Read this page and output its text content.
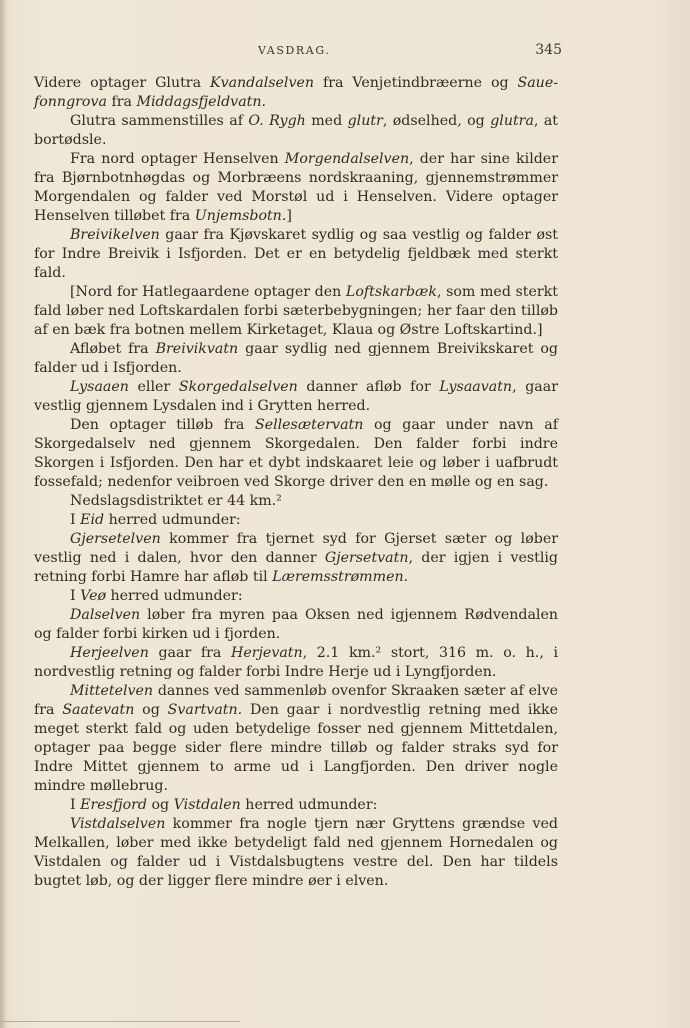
VASDRAG.	345

Videre optager Glutra Kvandalselven fra Venjetindbræerne og Saue-fonngrova fra Middagsfjeldvatn.

Glutra sammenstilles af O. Rygh med glutr, ødselhed, og glutra, at bortødsle.

Fra nord optager Henselven Morgendalselven, der har sine kilder fra Bjørnbotnhøgdas og Morbræens nordskraaning, gjennemstrømmer Morgendalen og falder ved Morstøl ud i Henselven. Videre optager Henselven tilløbet fra Unjemsbotn.]

Breivikelven gaar fra Kjøvskaret sydlig og saa vestlig og falder øst for Indre Breivik i Isfjorden. Det er en betydelig fjeldbæk med sterkt fald.

[Nord for Hatlegaardene optager den Loftskarbæk, som med sterkt fald løber ned Loftskardalen forbi sæterbebygningen; her faar den tilløb af en bæk fra botnen mellem Kirketaget, Klaua og Østre Loftskartind.]

Afløbet fra Breivikvatn gaar sydlig ned gjennem Breivikskaret og falder ud i Isfjorden.

Lysaaen eller Skorgedalselven danner afløb for Lysaavatn, gaar vestlig gjennem Lysdalen ind i Grytten herred.

Den optager tilløb fra Sellesætervatn og gaar under navn af Skorgedalselv ned gjennem Skorgedalen. Den falder forbi indre Skorgen i Isfjorden. Den har et dybt indskaaret leie og løber i uafbrudt fossefald; nedenfor veibroen ved Skorge driver den en mølle og en sag.

Nedslagsdistriktet er 44 km.²

I Eid herred udmunder:

Gjersetelven kommer fra tjernet syd for Gjerset sæter og løber vestlig ned i dalen, hvor den danner Gjersetvatn, der igjen i vestlig retning forbi Hamre har afløb til Læremsstrømmen.

I Veø herred udmunder:

Dalselven løber fra myren paa Oksen ned igjennem Rødvendalen og falder forbi kirken ud i fjorden.

Herjeelven gaar fra Herjevatn, 2.1 km.² stort, 316 m. o. h., i nordvestlig retning og falder forbi Indre Herje ud i Lyngfjorden.

Mittetelven dannes ved sammenløb ovenfor Skraaken sæter af elve fra Saatevatn og Svartvatn. Den gaar i nordvestlig retning med ikke meget sterkt fald og uden betydelige fosser ned gjennem Mittetdalen, optager paa begge sider flere mindre tilløb og falder straks syd for Indre Mittet gjennem to arme ud i Langfjorden. Den driver nogle mindre møllebrug.

I Eresfjord og Vistdalen herred udmunder:

Vistdalselven kommer fra nogle tjern nær Gryttens grændse ved Melkallen, løber med ikke betydeligt fald ned gjennem Hornedalen og Vistdalen og falder ud i Vistdalsbugtens vestre del. Den har tildels bugtet løb, og der ligger flere mindre øer i elven.
